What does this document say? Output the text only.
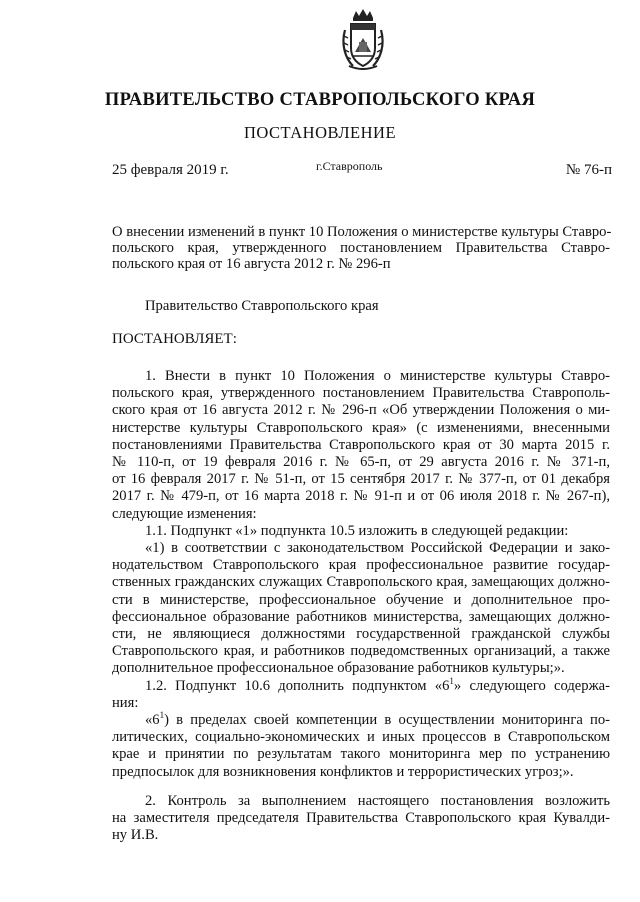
ПРАВИТЕЛЬСТВО СТАВРОПОЛЬСКОГО КРАЯ
ПОСТАНОВЛЕНИЕ
25 февраля 2019 г.	г.Ставрополь	№ 76-п
О внесении изменений в пункт 10 Положения о министерстве культуры Ставро-
польского края, утвержденного постановлением Правительства Ставро-
польского края от 16 августа 2012 г. № 296-п
Правительство Ставропольского края
ПОСТАНОВЛЯЕТ:
1. Внести в пункт 10 Положения о министерстве культуры Ставро-
польского края, утвержденного постановлением Правительства Ставрополь-
ского края от 16 августа 2012 г. № 296-п «Об утверждении Положения о ми-
нистерстве культуры Ставропольского края» (с изменениями, внесенными
постановлениями Правительства Ставропольского края от 30 марта 2015 г.
№ 110-п, от 19 февраля 2016 г. № 65-п, от 29 августа 2016 г. № 371-п,
от 16 февраля 2017 г. № 51-п, от 15 сентября 2017 г. № 377-п, от 01 декабря
2017 г. № 479-п, от 16 марта 2018 г. № 91-п и от 06 июля 2018 г. № 267-п),
следующие изменения:
1.1. Подпункт «1» подпункта 10.5 изложить в следующей редакции:
«1) в соответствии с законодательством Российской Федерации и зако-
нодательством Ставропольского края профессиональное развитие государ-
ственных гражданских служащих Ставропольского края, замещающих должно-
сти в министерстве, профессиональное обучение и дополнительное про-
фессиональное образование работников министерства, замещающих должно-
сти, не являющиеся должностями государственной гражданской службы
Ставропольского края, и работников подведомственных организаций, а также
дополнительное профессиональное образование работников культуры;».
1.2. Подпункт 10.6 дополнить подпунктом «$6^1$» следующего содержа-
ния:
«$6^1$) в пределах своей компетенции в осуществлении мониторинга по-
литических, социально-экономических и иных процессов в Ставропольском
крае и принятии по результатам такого мониторинга мер по устранению
предпосылок для возникновения конфликтов и террористических угроз;».
2. Контроль за выполнением настоящего постановления возложить
на заместителя председателя Правительства Ставропольского края Кувалди-
ну И.В.
